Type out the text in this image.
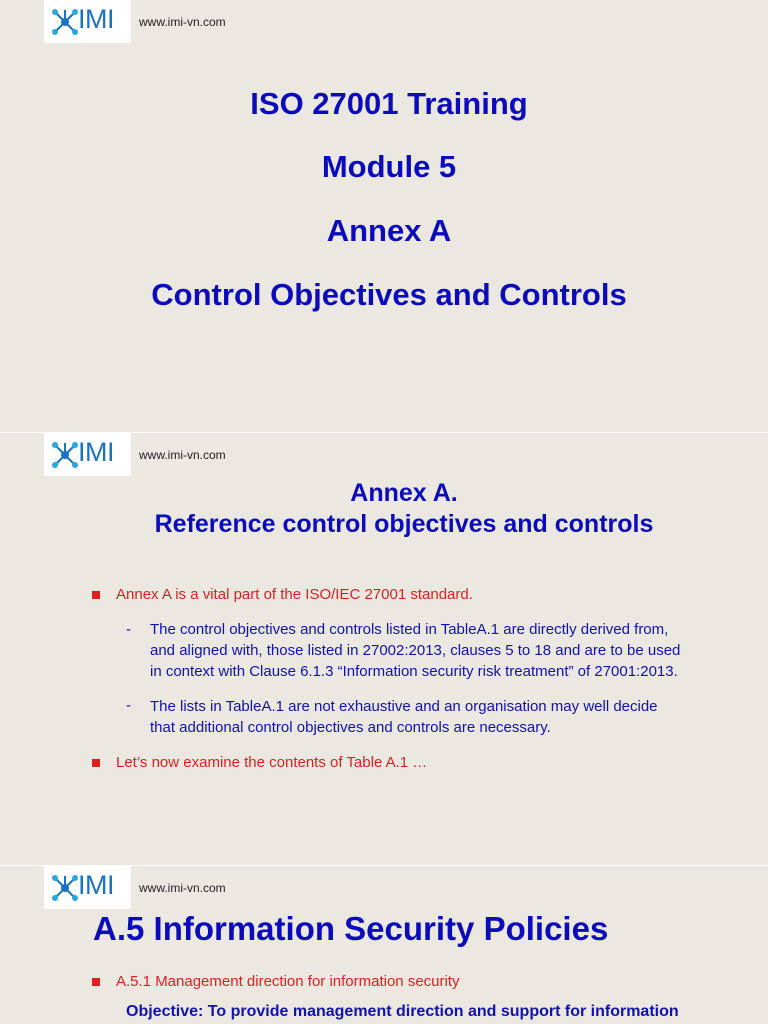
IMI www.imi-vn.com
ISO 27001 Training
Module 5
Annex A
Control Objectives and Controls
IMI www.imi-vn.com
Annex A.
Reference control objectives and controls
Annex A is a vital part of the ISO/IEC 27001 standard.
- The control objectives and controls listed in TableA.1 are directly derived from,
and aligned with, those listed in 27002:2013, clauses 5 to 18 and are to be used
in context with Clause 6.1.3 “Information security risk treatment” of 27001:2013.
- The lists in TableA.1 are not exhaustive and an organisation may well decide
that additional control objectives and controls are necessary.
Let’s now examine the contents of Table A.1 …
IMI www.imi-vn.com
A.5 Information Security Policies
A.5.1 Management direction for information security
Objective: To provide management direction and support for information
